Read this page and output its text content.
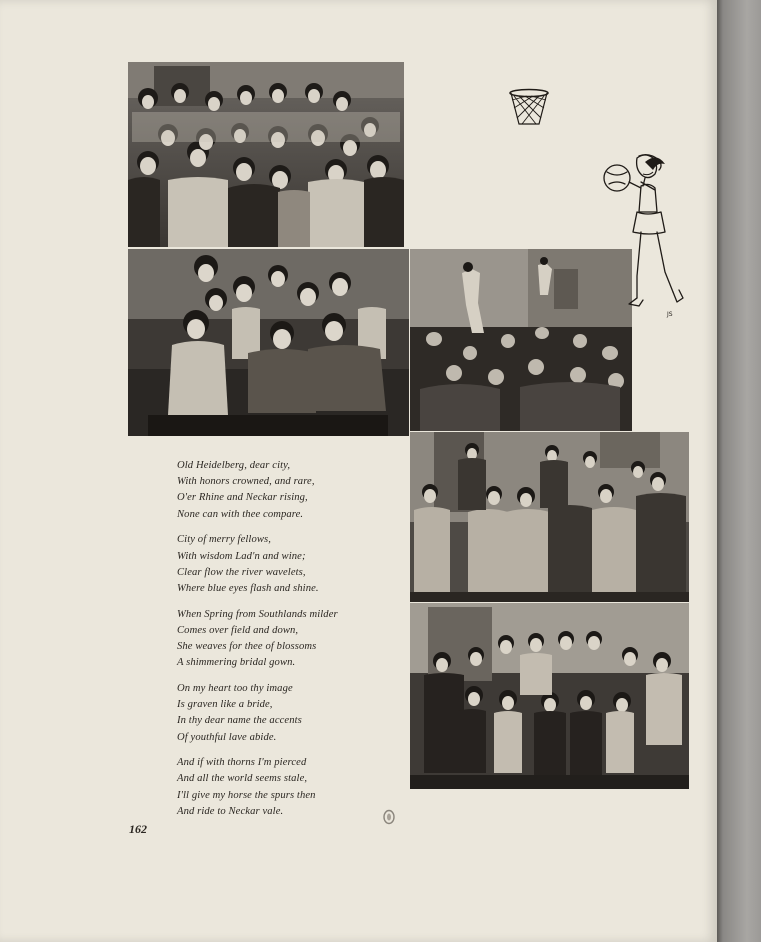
JS
Old Heidelberg, dear city,
With honors crowned, and rare,
O'er Rhine and Neckar rising,
None can with thee compare.
City of merry fellows,
With wisdom Lad'n and wine;
Clear flow the river wavelets,
Where blue eyes flash and shine.
When Spring from Southlands milder
Comes over field and down,
She weaves for thee of blossoms
A shimmering bridal gown.
On my heart too thy image
Is graven like a bride,
In thy dear name the accents
Of youthful lave abide.
And if with thorns I'm pierced
And all the world seems stale,
I'll give my horse the spurs then
And ride to Neckar vale.
162
